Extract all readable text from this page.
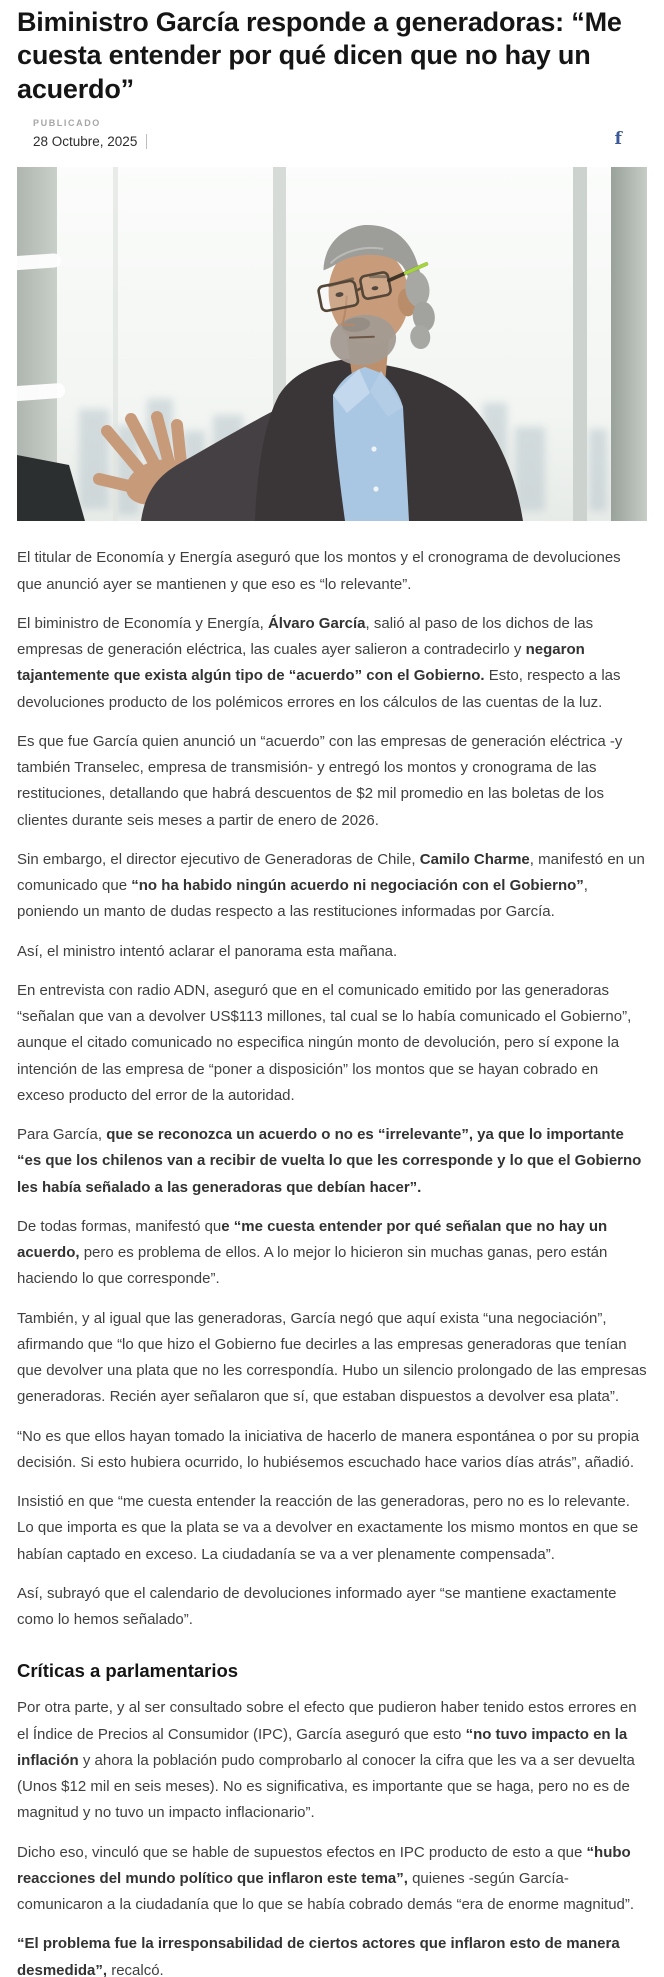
Biministro García responde a generadoras: “Me cuesta entender por qué dicen que no hay un acuerdo”
PUBLICADO
28 Octubre, 2025	f

El titular de Economía y Energía aseguró que los montos y el cronograma de devoluciones que anunció ayer se mantienen y que eso es “lo relevante”.

El biministro de Economía y Energía, Álvaro García, salió al paso de los dichos de las empresas de generación eléctrica, las cuales ayer salieron a contradecirlo y negaron tajantemente que exista algún tipo de “acuerdo” con el Gobierno. Esto, respecto a las devoluciones producto de los polémicos errores en los cálculos de las cuentas de la luz.

Es que fue García quien anunció un “acuerdo” con las empresas de generación eléctrica -y también Transelec, empresa de transmisión- y entregó los montos y cronograma de las restituciones, detallando que habrá descuentos de $2 mil promedio en las boletas de los clientes durante seis meses a partir de enero de 2026.

Sin embargo, el director ejecutivo de Generadoras de Chile, Camilo Charme, manifestó en un comunicado que “no ha habido ningún acuerdo ni negociación con el Gobierno”, poniendo un manto de dudas respecto a las restituciones informadas por García.

Así, el ministro intentó aclarar el panorama esta mañana.

En entrevista con radio ADN, aseguró que en el comunicado emitido por las generadoras “señalan que van a devolver US$113 millones, tal cual se lo había comunicado el Gobierno”, aunque el citado comunicado no especifica ningún monto de devolución, pero sí expone la intención de las empresa de “poner a disposición” los montos que se hayan cobrado en exceso producto del error de la autoridad.

Para García, que se reconozca un acuerdo o no es “irrelevante”, ya que lo importante “es que los chilenos van a recibir de vuelta lo que les corresponde y lo que el Gobierno les había señalado a las generadoras que debían hacer”.

De todas formas, manifestó que “me cuesta entender por qué señalan que no hay un acuerdo, pero es problema de ellos. A lo mejor lo hicieron sin muchas ganas, pero están haciendo lo que corresponde”.

También, y al igual que las generadoras, García negó que aquí exista “una negociación”, afirmando que “lo que hizo el Gobierno fue decirles a las empresas generadoras que tenían que devolver una plata que no les correspondía. Hubo un silencio prolongado de las empresas generadoras. Recién ayer señalaron que sí, que estaban dispuestos a devolver esa plata”.

“No es que ellos hayan tomado la iniciativa de hacerlo de manera espontánea o por su propia decisión. Si esto hubiera ocurrido, lo hubiésemos escuchado hace varios días atrás”, añadió.

Insistió en que “me cuesta entender la reacción de las generadoras, pero no es lo relevante. Lo que importa es que la plata se va a devolver en exactamente los mismo montos en que se habían captado en exceso. La ciudadanía se va a ver plenamente compensada”.

Así, subrayó que el calendario de devoluciones informado ayer “se mantiene exactamente como lo hemos señalado”.

Críticas a parlamentarios

Por otra parte, y al ser consultado sobre el efecto que pudieron haber tenido estos errores en el Índice de Precios al Consumidor (IPC), García aseguró que esto “no tuvo impacto en la inflación y ahora la población pudo comprobarlo al conocer la cifra que les va a ser devuelta (Unos $12 mil en seis meses). No es significativa, es importante que se haga, pero no es de magnitud y no tuvo un impacto inflacionario”.

Dicho eso, vinculó que se hable de supuestos efectos en IPC producto de esto a que “hubo reacciones del mundo político que inflaron este tema”, quienes -según García- comunicaron a la ciudadanía que lo que se había cobrado demás “era de enorme magnitud”.

“El problema fue la irresponsabilidad de ciertos actores que inflaron esto de manera desmedida”, recalcó.
